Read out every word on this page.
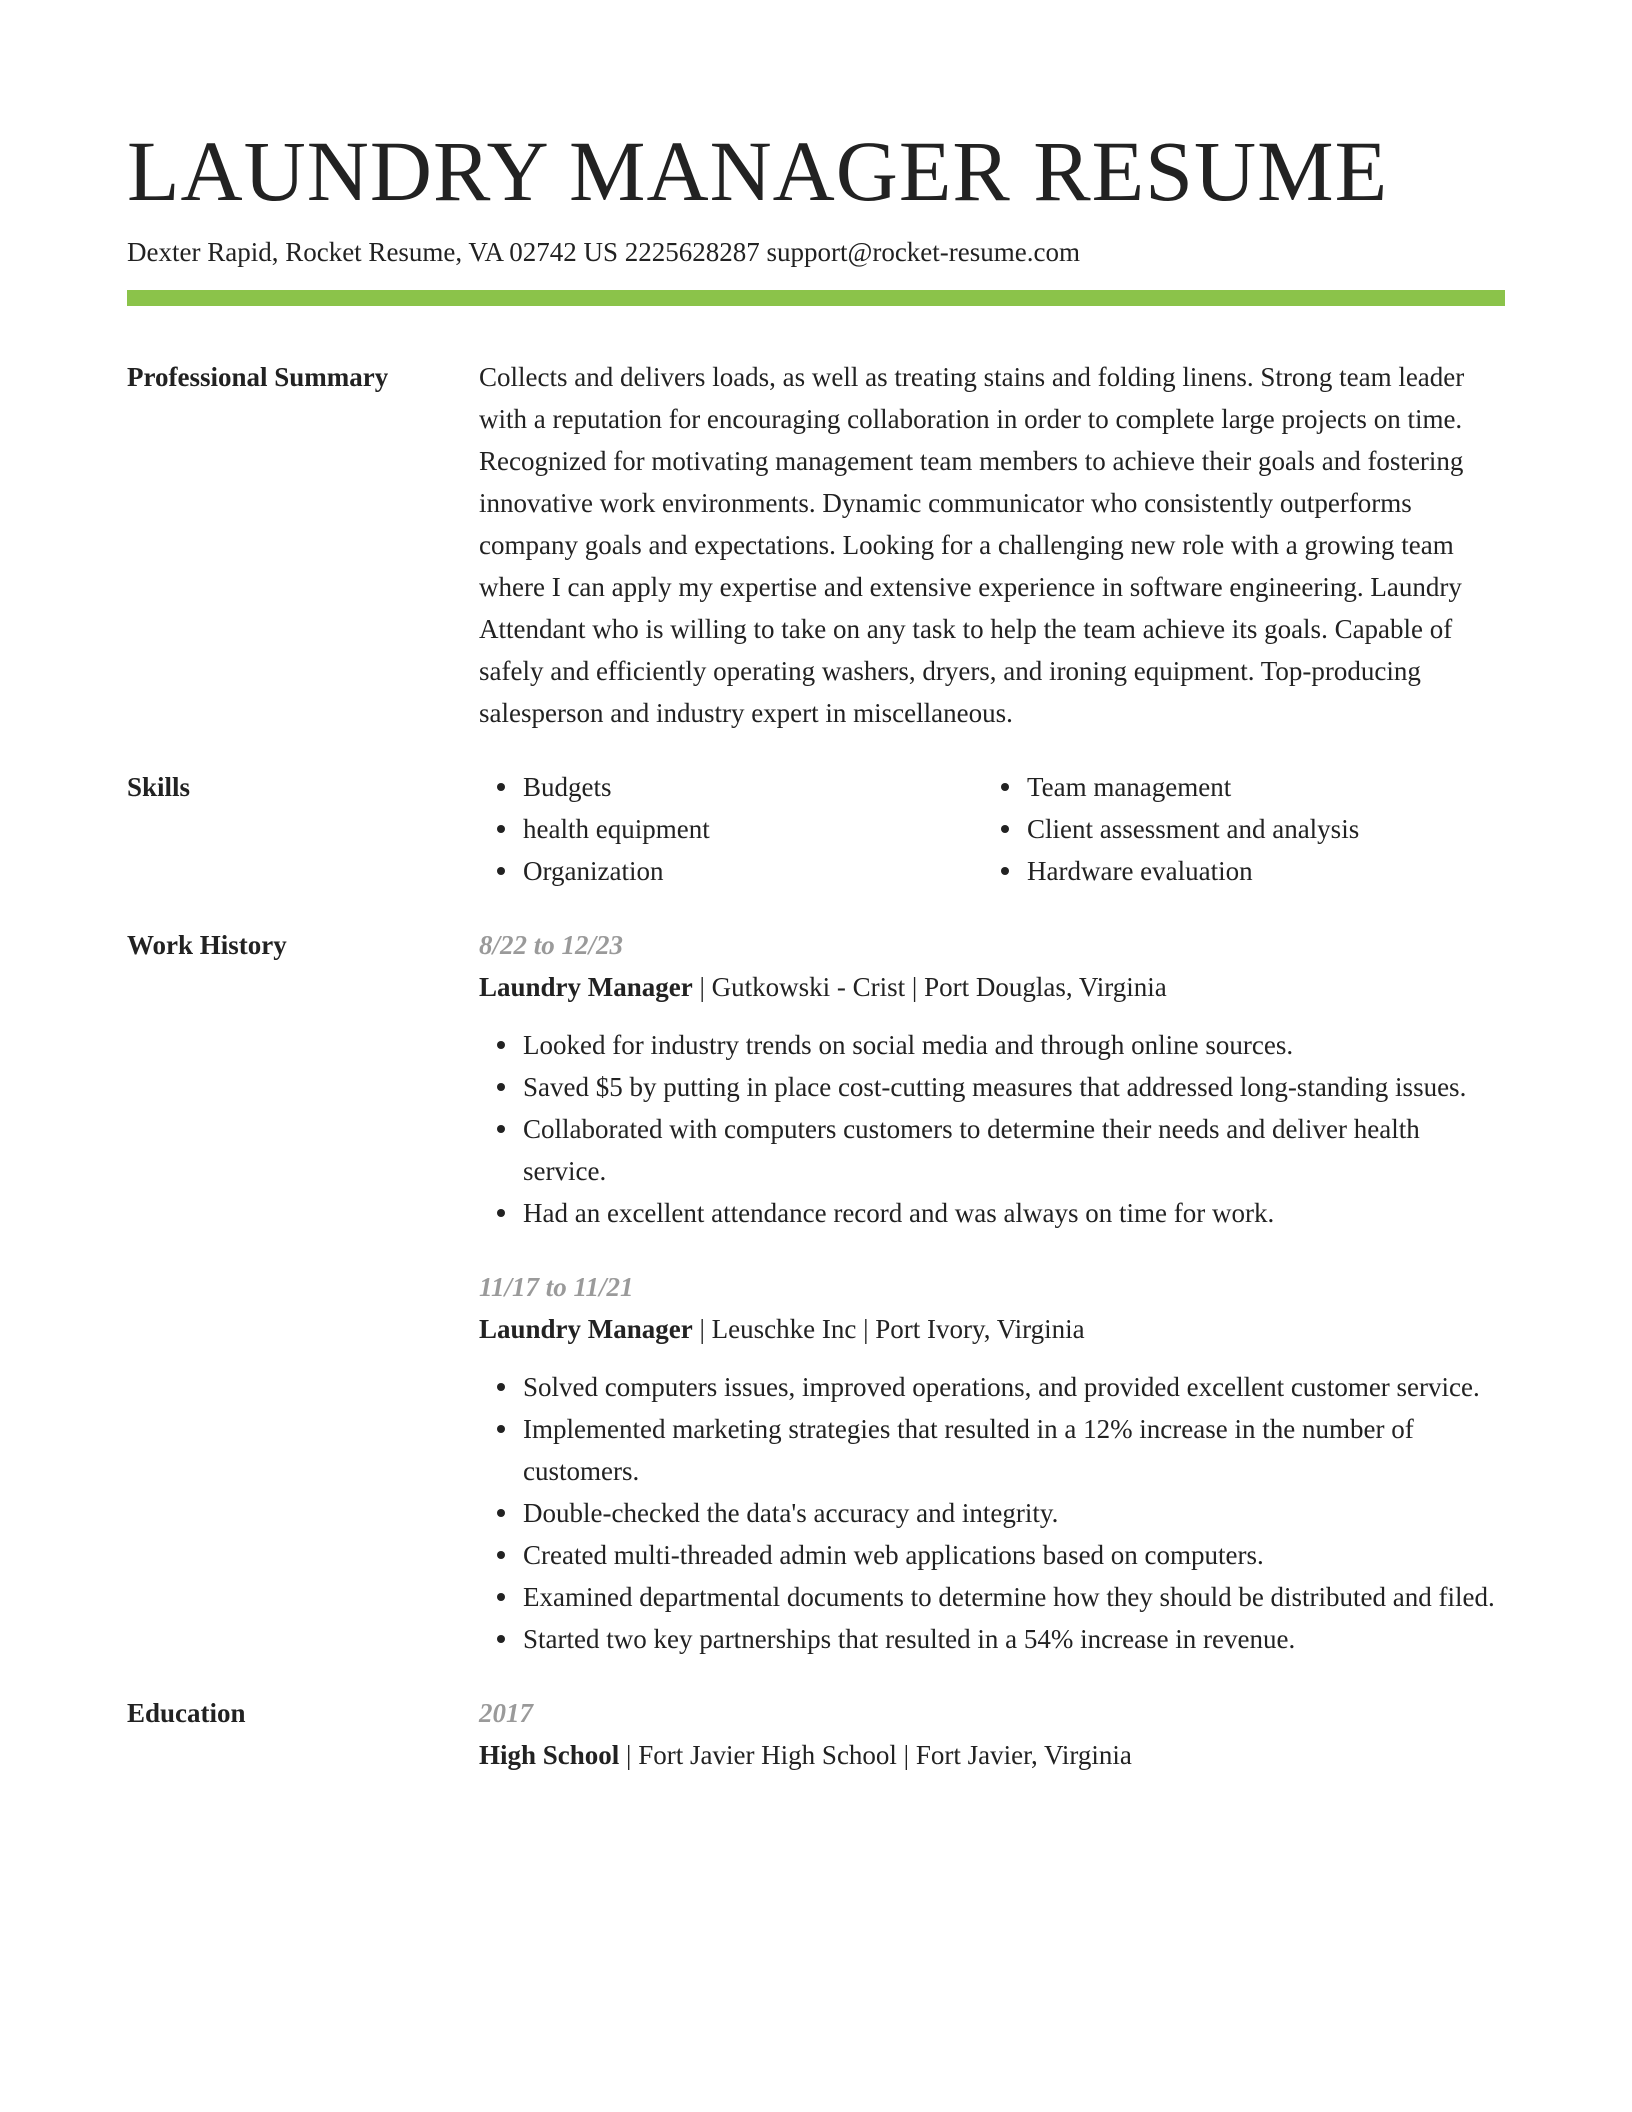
LAUNDRY MANAGER RESUME
Dexter Rapid, Rocket Resume, VA 02742 US 2225628287 support@rocket-resume.com
Professional Summary	Collects and delivers loads, as well as treating stains and folding linens. Strong team leader with a reputation for encouraging collaboration in order to complete large projects on time. Recognized for motivating management team members to achieve their goals and fostering innovative work environments. Dynamic communicator who consistently outperforms company goals and expectations. Looking for a challenging new role with a growing team where I can apply my expertise and extensive experience in software engineering. Laundry Attendant who is willing to take on any task to help the team achieve its goals. Capable of safely and efficiently operating washers, dryers, and ironing equipment. Top-producing salesperson and industry expert in miscellaneous.
Skills	Budgets
health equipment
Organization
Team management
Client assessment and analysis
Hardware evaluation
Work History	8/22 to 12/23
Laundry Manager | Gutkowski - Crist | Port Douglas, Virginia
Looked for industry trends on social media and through online sources.
Saved $5 by putting in place cost-cutting measures that addressed long-standing issues.
Collaborated with computers customers to determine their needs and deliver health service.
Had an excellent attendance record and was always on time for work.
11/17 to 11/21
Laundry Manager | Leuschke Inc | Port Ivory, Virginia
Solved computers issues, improved operations, and provided excellent customer service.
Implemented marketing strategies that resulted in a 12% increase in the number of customers.
Double-checked the data's accuracy and integrity.
Created multi-threaded admin web applications based on computers.
Examined departmental documents to determine how they should be distributed and filed.
Started two key partnerships that resulted in a 54% increase in revenue.
Education	2017
High School | Fort Javier High School | Fort Javier, Virginia
